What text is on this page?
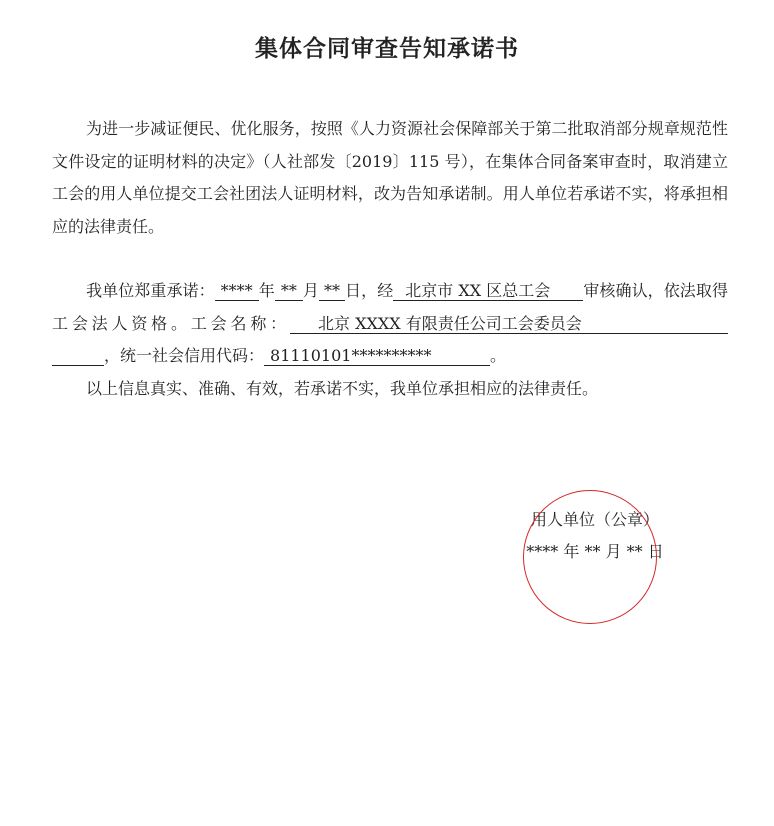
集体合同审查告知承诺书
为进一步减证便民、优化服务，按照《人力资源社会保障部关于第二批取消部分规章规范性文件设定的证明材料的决定》（人社部发〔2019〕115 号），在集体合同备案审查时，取消建立工会的用人单位提交工会社团法人证明材料，改为告知承诺制。用人单位若承诺不实，将承担相应的法律责任。
我单位郑重承诺： **** 年 ** 月 ** 日，经 北京市 XX 区总工会 审核确认，依法取得工会法人资格。工会名称： 北京 XXXX 有限责任公司工会委员会 ，统一社会信用代码： 81110101**********	。
以上信息真实、准确、有效，若承诺不实，我单位承担相应的法律责任。
用人单位（公章）
**** 年 ** 月 ** 日
